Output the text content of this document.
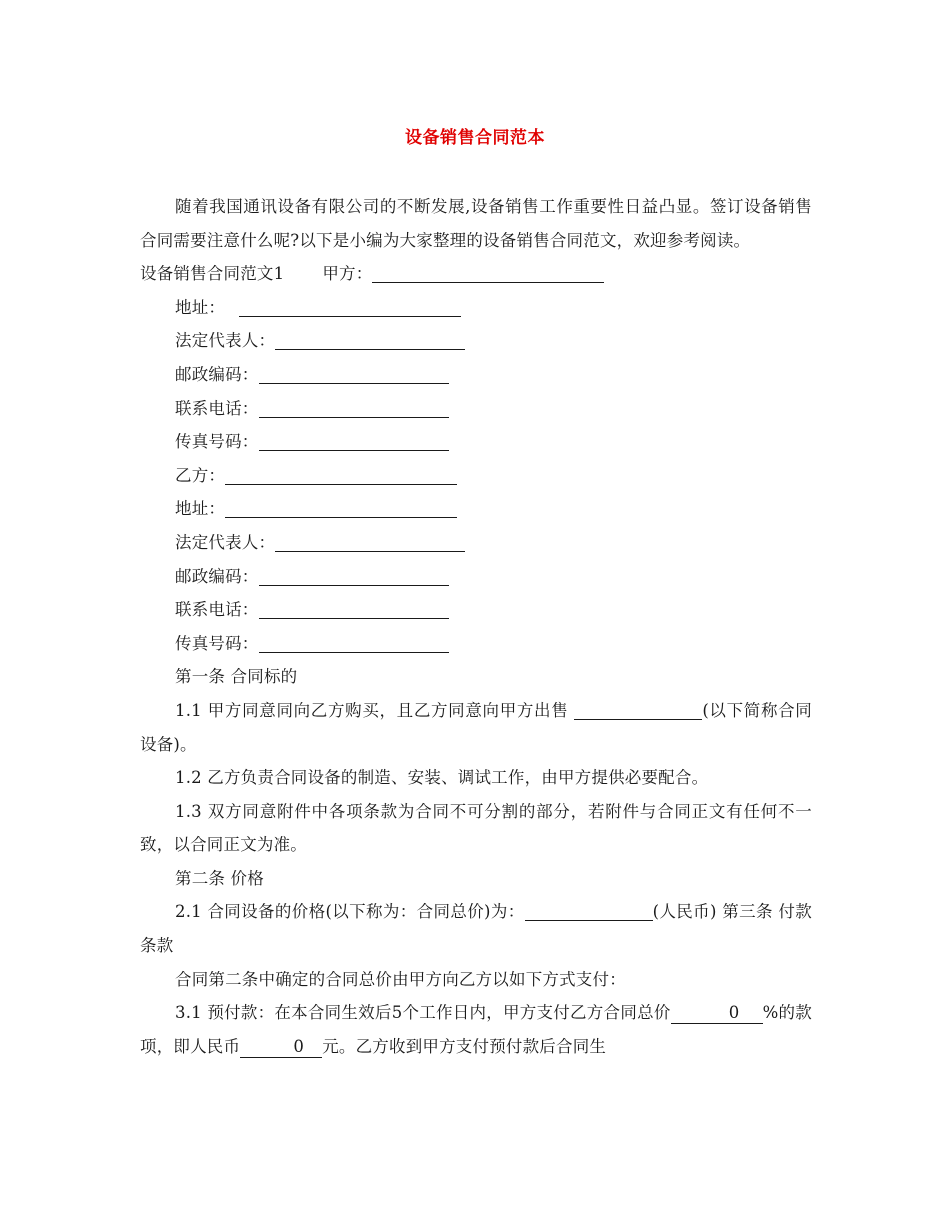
设备销售合同范本

随着我国通讯设备有限公司的不断发展,设备销售工作重要性日益凸显。签订设备销售合同需要注意什么呢?以下是小编为大家整理的设备销售合同范文，欢迎参考阅读。

设备销售合同范文1 甲方：

地址：

法定代表人：

邮政编码：

联系电话：

传真号码：

乙方：

地址：

法定代表人：

邮政编码：

联系电话：

传真号码：

第一条 合同标的

1.1 甲方同意同向乙方购买，且乙方同意向甲方出售	(以下简称合同设备)。

1.2 乙方负责合同设备的制造、安装、调试工作，由甲方提供必要配合。

1.3 双方同意附件中各项条款为合同不可分割的部分，若附件与合同正文有任何不一致，以合同正文为准。

第二条 价格

2.1 合同设备的价格(以下称为：合同总价)为：	(人民币) 第三条 付款条款

合同第二条中确定的合同总价由甲方向乙方以如下方式支付：

3.1 预付款：在本合同生效后5个工作日内，甲方支付乙方合同总价	0 %的款项，即人民币	0 元。乙方收到甲方支付预付款后合同生
